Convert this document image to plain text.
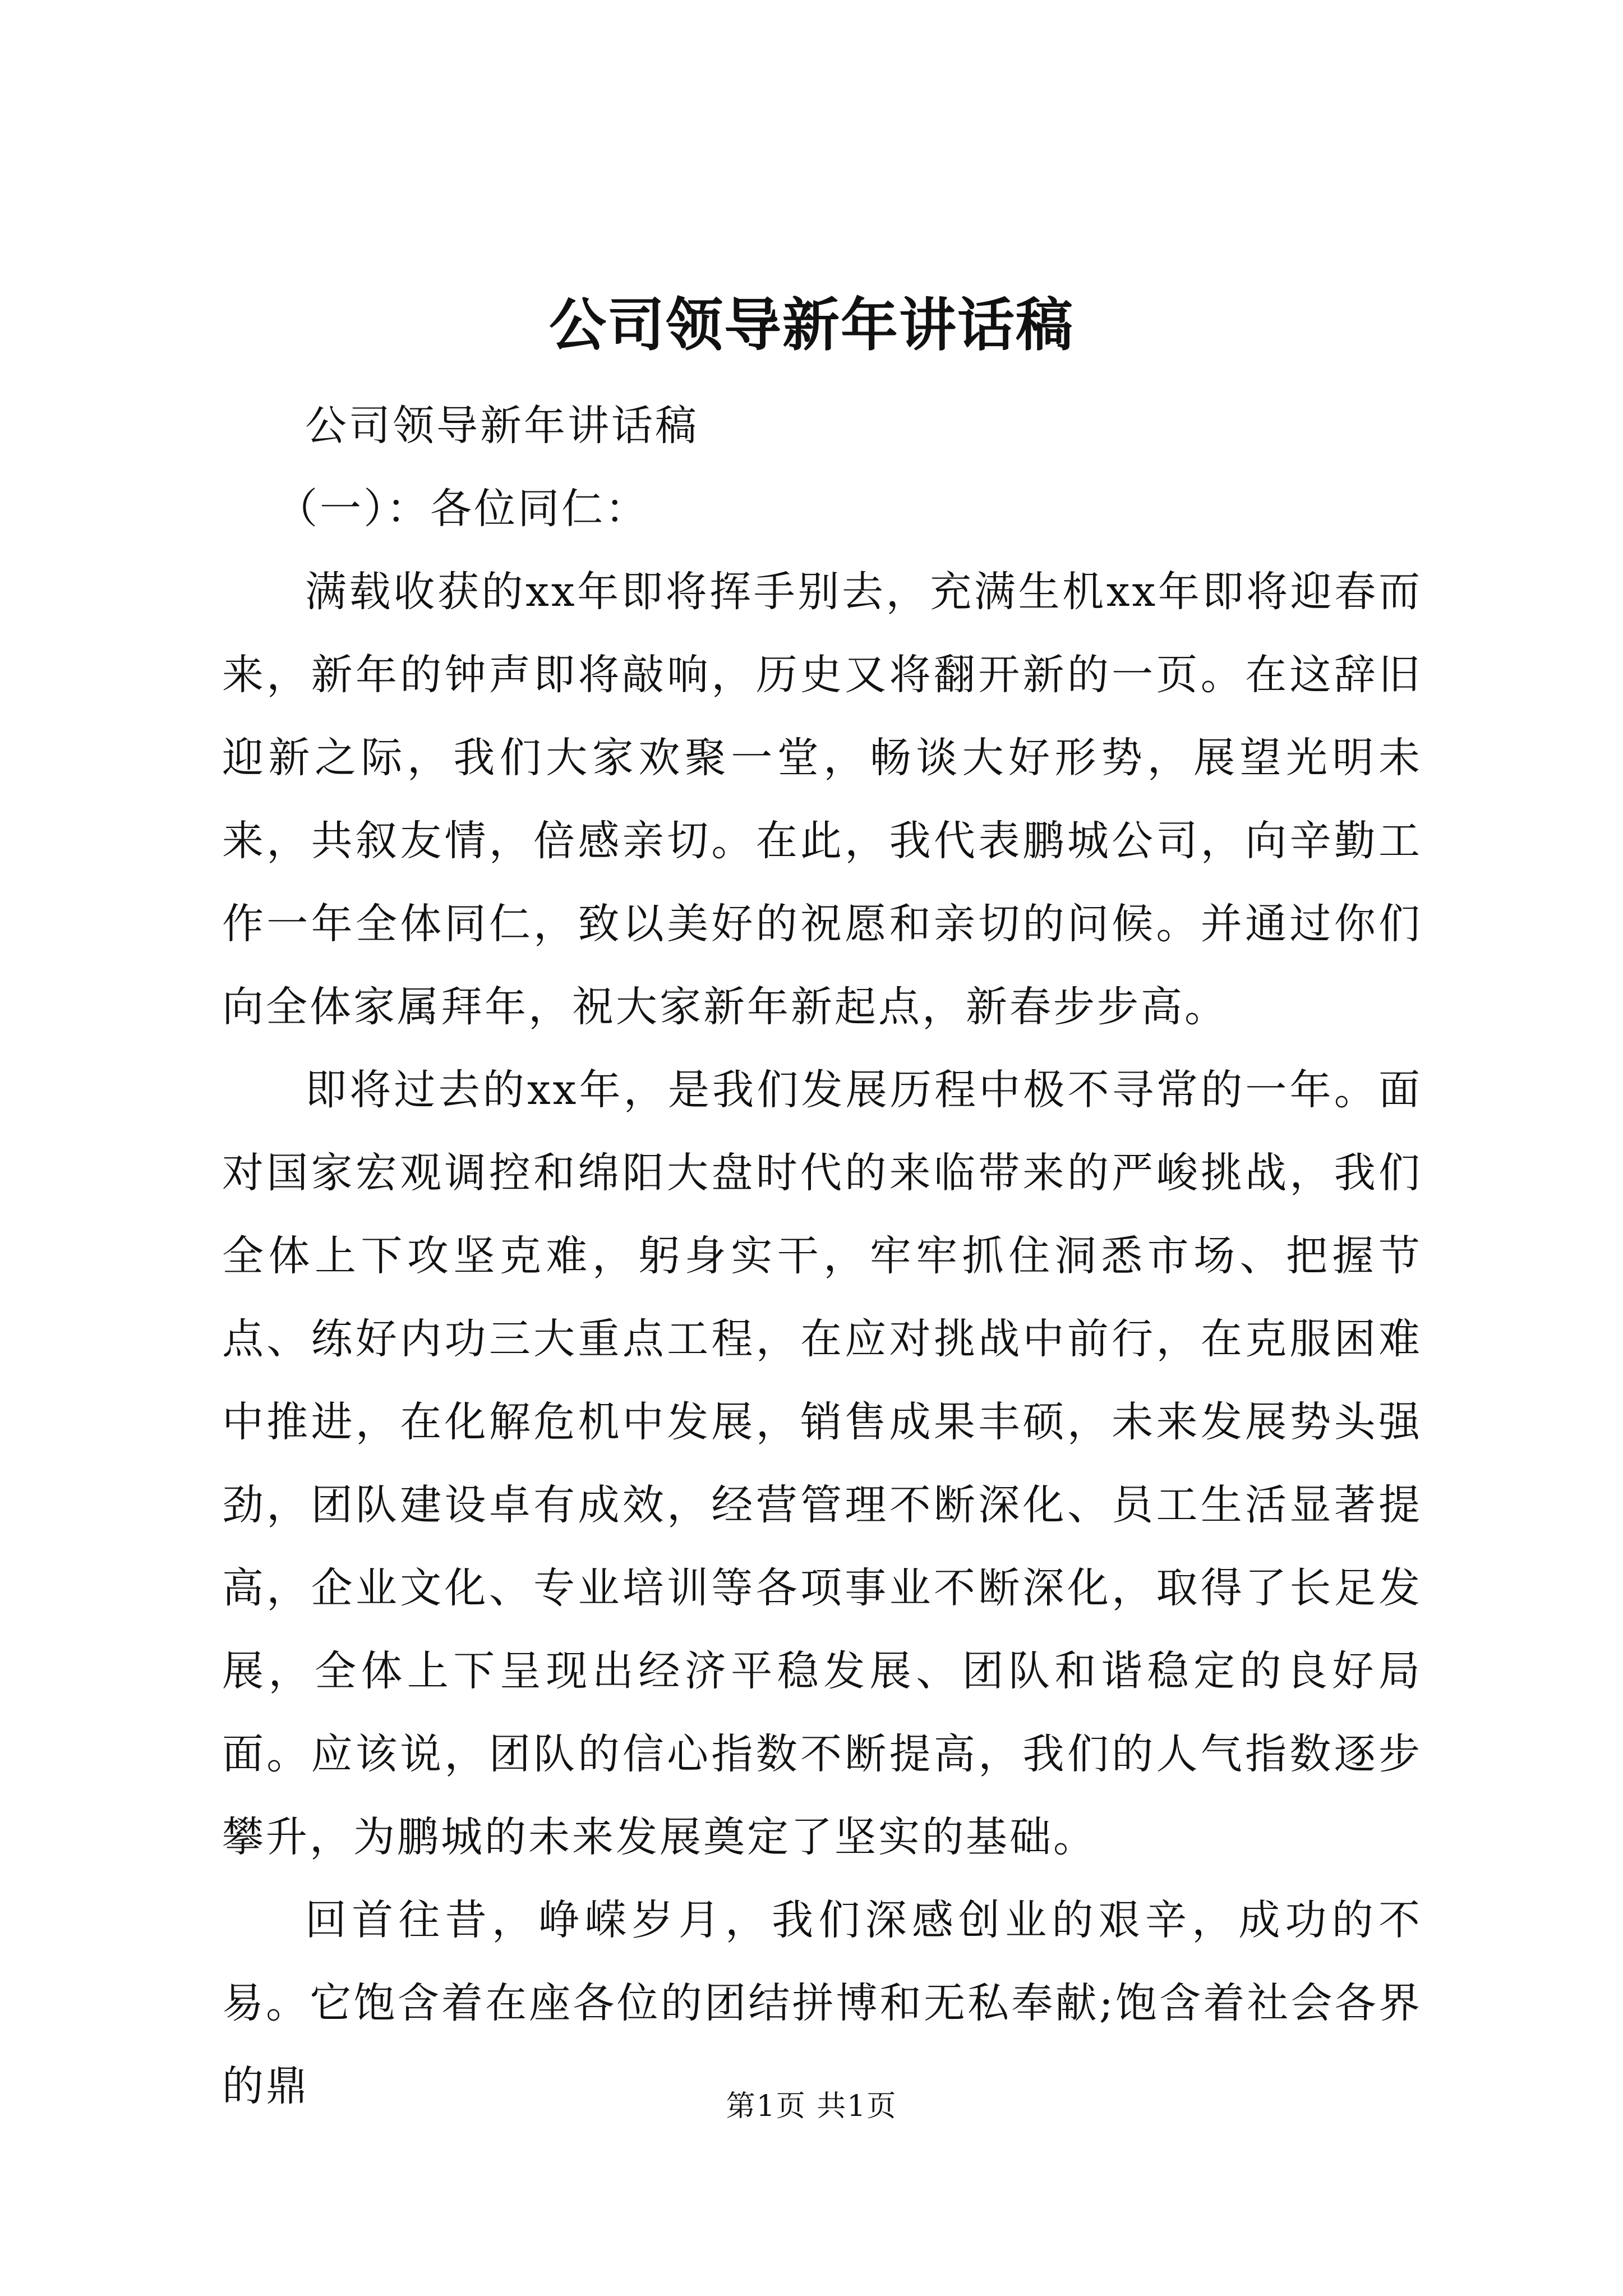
公司领导新年讲话稿

公司领导新年讲话稿

（一）：各位同仁：

满载收获的xx年即将挥手别去，充满生机xx年即将迎春而来，新年的钟声即将敲响，历史又将翻开新的一页。在这辞旧迎新之际，我们大家欢聚一堂，畅谈大好形势，展望光明未来，共叙友情，倍感亲切。在此，我代表鹏城公司，向辛勤工作一年全体同仁，致以美好的祝愿和亲切的问候。并通过你们向全体家属拜年，祝大家新年新起点，新春步步高。

即将过去的xx年，是我们发展历程中极不寻常的一年。面对国家宏观调控和绵阳大盘时代的来临带来的严峻挑战，我们全体上下攻坚克难，躬身实干，牢牢抓住洞悉市场、把握节点、练好内功三大重点工程，在应对挑战中前行，在克服困难中推进，在化解危机中发展，销售成果丰硕，未来发展势头强劲，团队建设卓有成效，经营管理不断深化、员工生活显著提高，企业文化、专业培训等各项事业不断深化，取得了长足发展，全体上下呈现出经济平稳发展、团队和谐稳定的良好局面。应该说，团队的信心指数不断提高，我们的人气指数逐步攀升，为鹏城的未来发展奠定了坚实的基础。

回首往昔，峥嵘岁月，我们深感创业的艰辛，成功的不易。它饱含着在座各位的团结拼博和无私奉献;饱含着社会各界的鼎	第1页 共1页
